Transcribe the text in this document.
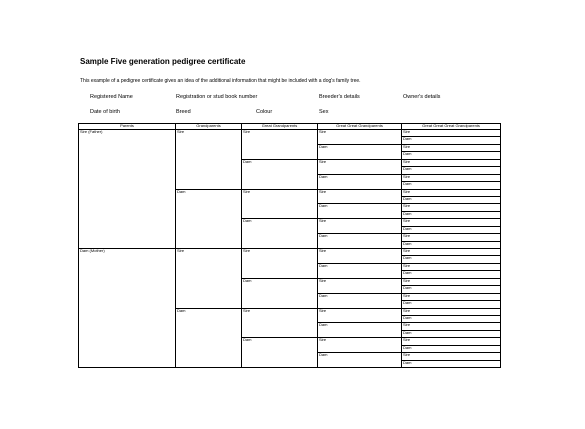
Sample Five generation pedigree certificate
This example of a pedigree certificate gives an idea of the additional information that might be included with a dog's family tree.
Registered Name	Registration or stud book number	Breeder's details	Owner's details
Date of birth	Breed	Colour	Sex
Parents	Grandparents	Great Grandparents	Great Great Grandparents	Great Great Great Grandparents
Sire (Father)	Sire	Sire	Sire	Sire
				Dam
			Dam	Sire
				Dam
		Dam	Sire	Sire
				Dam
			Dam	Sire
				Dam
	Dam	Sire	Sire	Sire
				Dam
			Dam	Sire
				Dam
		Dam	Sire	Sire
				Dam
			Dam	Sire
				Dam
Dam (Mother)	Sire	Sire	Sire	Sire
				Dam
			Dam	Sire
				Dam
		Dam	Sire	Sire
				Dam
			Dam	Sire
				Dam
	Dam	Sire	Sire	Sire
				Dam
			Dam	Sire
				Dam
		Dam	Sire	Sire
				Dam
			Dam	Sire
				Dam
